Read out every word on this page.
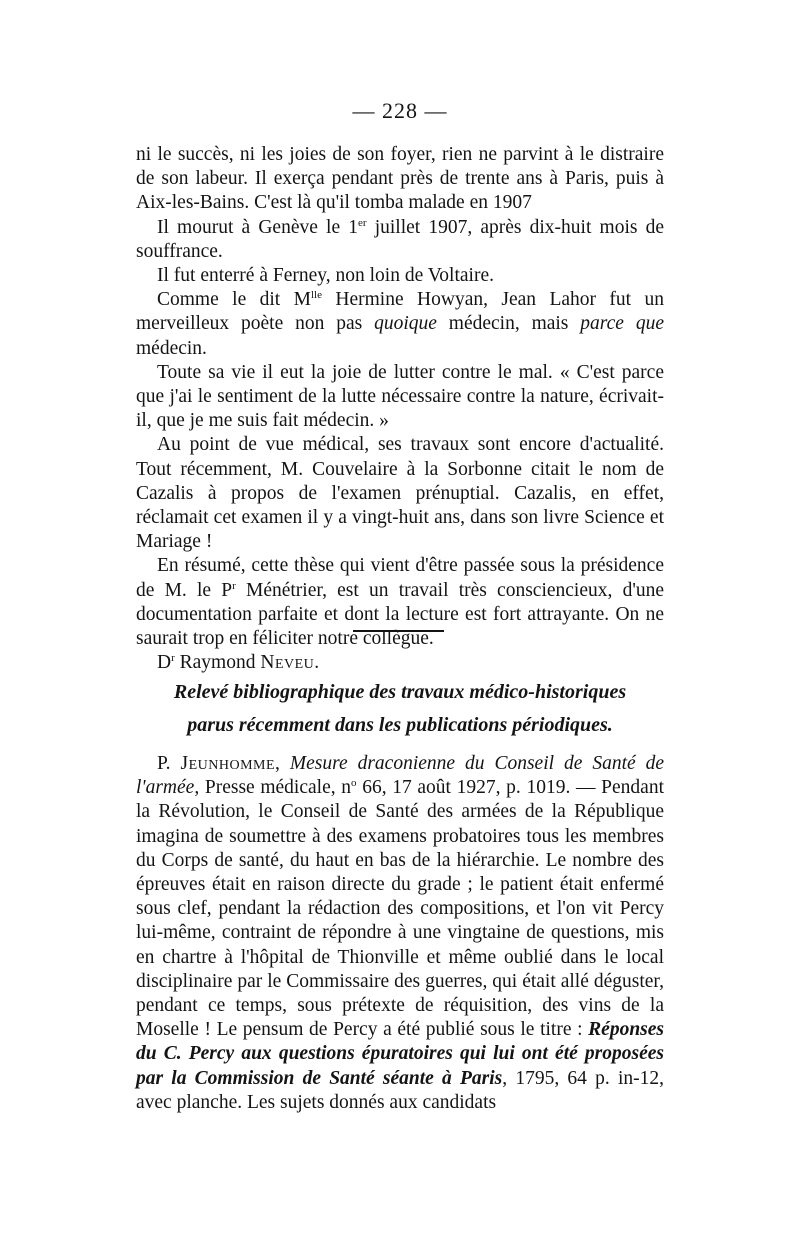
— 228 —

ni le succès, ni les joies de son foyer, rien ne parvint à le distraire de son labeur. Il exerça pendant près de trente ans à Paris, puis à Aix-les-Bains. C'est là qu'il tomba malade en 1907

Il mourut à Genève le 1er juillet 1907, après dix-huit mois de souffrance.

Il fut enterré à Ferney, non loin de Voltaire.

Comme le dit $M^{lle}$ Hermine Howyan, Jean Lahor fut un merveilleux poète non pas quoique médecin, mais parce que médecin.

Toute sa vie il eut la joie de lutter contre le mal. « C'est parce que j'ai le sentiment de la lutte nécessaire contre la nature, écrivait-il, que je me suis fait médecin. »

Au point de vue médical, ses travaux sont encore d'actualité. Tout récemment, M. Couvelaire à la Sorbonne citait le nom de Cazalis à propos de l'examen prénuptial. Cazalis, en effet, réclamait cet examen il y a vingt-huit ans, dans son livre Science et Mariage !

En résumé, cette thèse qui vient d'être passée sous la présidence de M. le $P^r$ Ménétrier, est un travail très consciencieux, d'une documentation parfaite et dont la lecture est fort attrayante. On ne saurait trop en féliciter notre collègue.

$D^r$ Raymond Neveu.

Relevé bibliographique des travaux médico-historiques
parus récemment dans les publications périodiques.

P. Jeunhomme, Mesure draconienne du Conseil de Santé de l'armée, Presse médicale, $n^o$ 66, 17 août 1927, p. 1019. — Pendant la Révolution, le Conseil de Santé des armées de la République imagina de soumettre à des examens probatoires tous les membres du Corps de santé, du haut en bas de la hiérarchie. Le nombre des épreuves était en raison directe du grade ; le patient était enfermé sous clef, pendant la rédaction des compositions, et l'on vit Percy lui-même, contraint de répondre à une vingtaine de questions, mis en chartre à l'hôpital de Thionville et même oublié dans le local disciplinaire par le Commissaire des guerres, qui était allé déguster, pendant ce temps, sous prétexte de réquisition, des vins de la Moselle ! Le pensum de Percy a été publié sous le titre : Réponses du C. Percy aux questions épuratoires qui lui ont été proposées par la Commission de Santé séante à Paris, 1795, 64 p. in-12, avec planche. Les sujets donnés aux candidats
